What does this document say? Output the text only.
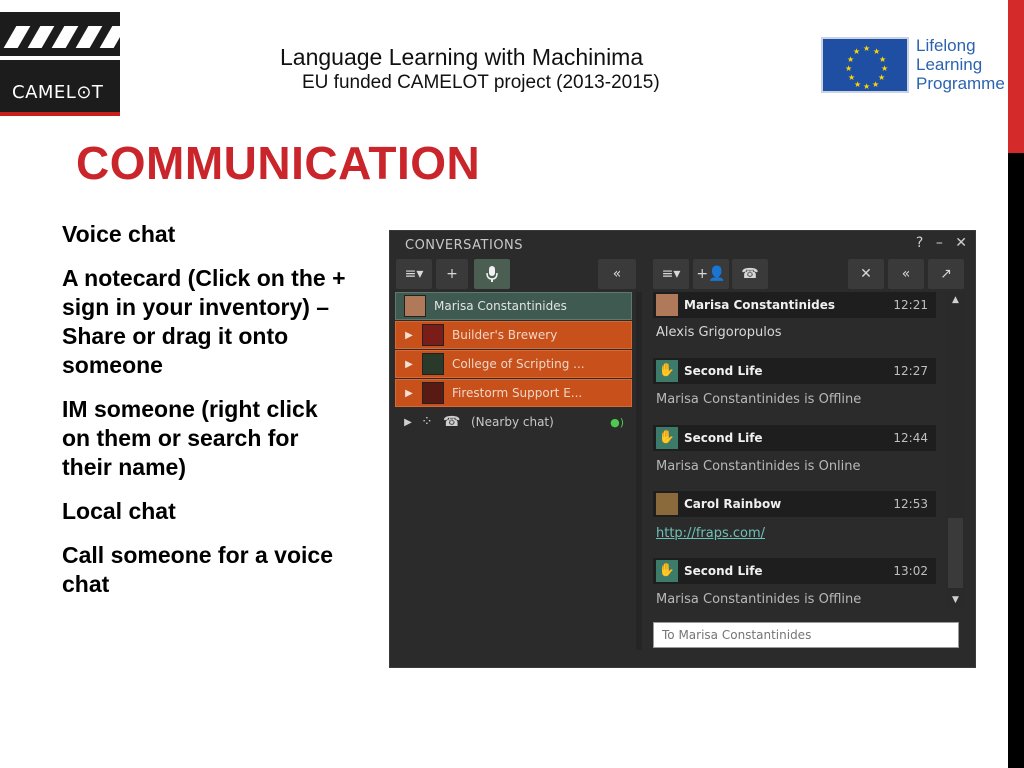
CAMEL⊙T
Language Learning with Machinima
EU funded CAMELOT project (2013-2015)
★ ★
★
★
★
★
★
★
★
★
★
★	Lifelong
Learning
Programme
COMMUNICATION
Voice chat
A notecard (Click on the + sign in your inventory) – Share or drag it onto someone
IM someone (right click on them or search for their name)
Local chat
Call someone for a voice chat
CONVERSATIONS	? – ✕
≡▾	+	«	≡▾	+👤	☎	✕	«	↗
Marisa Constantinides
▶	Builder's Brewery
▶	College of Scripting ...
▶	Firestorm Support E...
▶ ⁘ ☎ (Nearby chat)	●)
Marisa Constantinides	12:21
Alexis Grigoropulos
✋ Second Life	12:27
Marisa Constantinides is Offline
✋ Second Life	12:44
Marisa Constantinides is Online
Carol Rainbow	12:53
http://fraps.com/
✋ Second Life	13:02
Marisa Constantinides is Offline
▲
▼
To Marisa Constantinides
